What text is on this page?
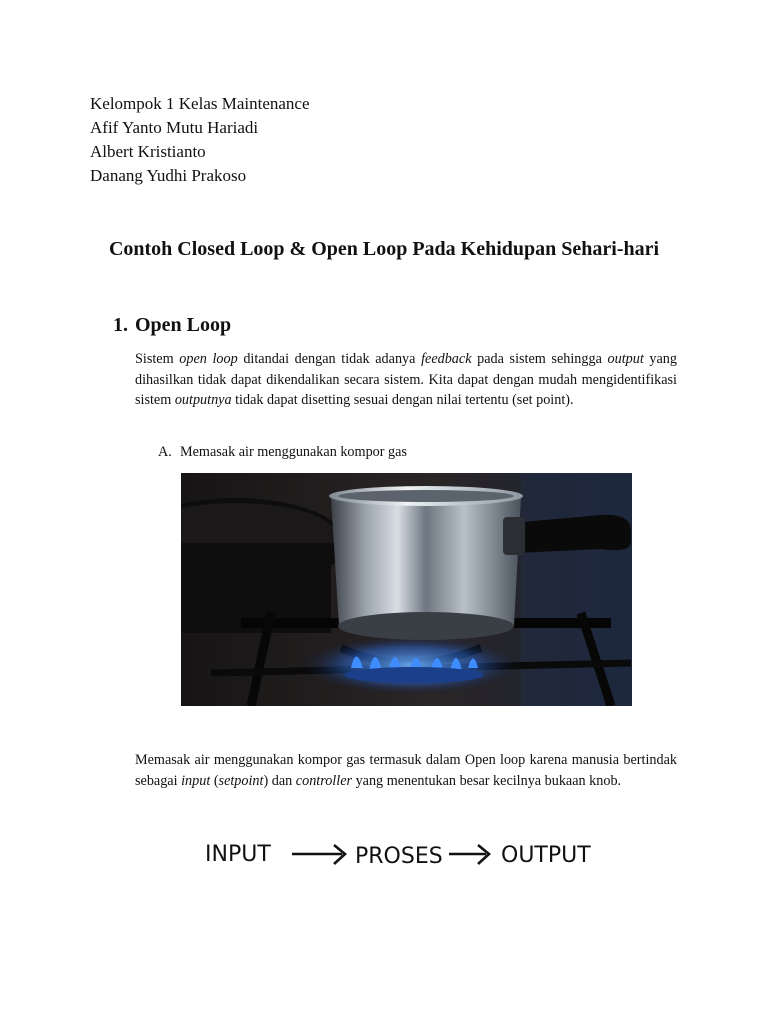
Kelompok 1 Kelas Maintenance
Afif Yanto Mutu Hariadi
Albert Kristianto
Danang Yudhi Prakoso
Contoh Closed Loop & Open Loop Pada Kehidupan Sehari-hari
1. Open Loop
Sistem open loop ditandai dengan tidak adanya feedback pada sistem sehingga output yang dihasilkan tidak dapat dikendalikan secara sistem. Kita dapat dengan mudah mengidentifikasi sistem outputnya tidak dapat disetting sesuai dengan nilai tertentu (set point).
A. Memasak air menggunakan kompor gas
Memasak air menggunakan kompor gas termasuk dalam Open loop karena manusia bertindak sebagai input (setpoint) dan controller yang menentukan besar kecilnya bukaan knob.
INPUT	PROSES	OUTPUT
